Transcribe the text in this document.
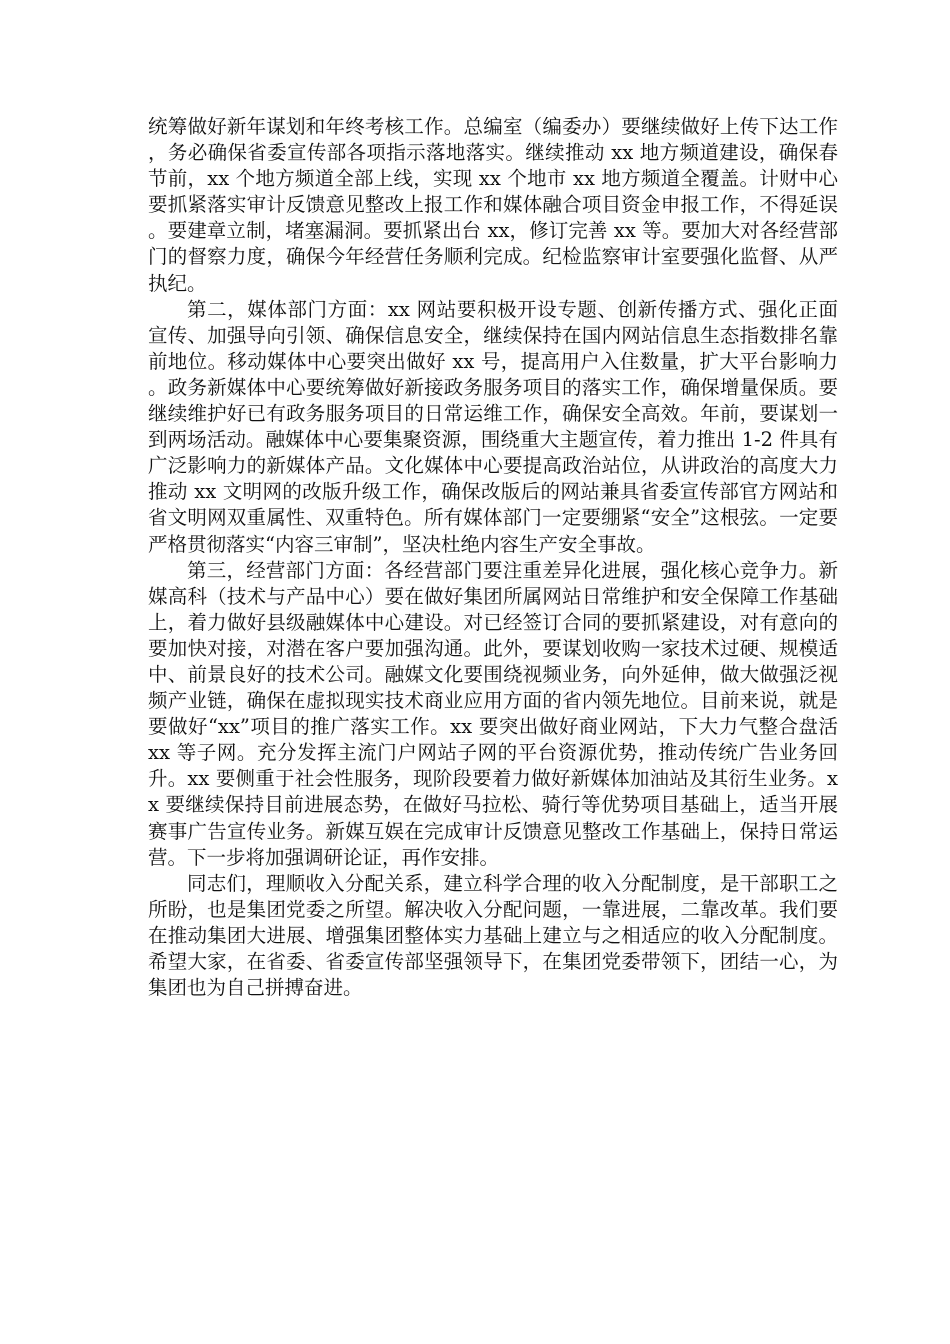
统筹做好新年谋划和年终考核工作。总编室（编委办）要继续做好上传下达工作，务必确保省委宣传部各项指示落地落实。继续推动 xx 地方频道建设，确保春节前，xx 个地方频道全部上线，实现 xx 个地市 xx 地方频道全覆盖。计财中心要抓紧落实审计反馈意见整改上报工作和媒体融合项目资金申报工作，不得延误。要建章立制，堵塞漏洞。要抓紧出台 xx，修订完善 xx 等。要加大对各经营部门的督察力度，确保今年经营任务顺利完成。纪检监察审计室要强化监督、从严执纪。

第二，媒体部门方面：xx 网站要积极开设专题、创新传播方式、强化正面宣传、加强导向引领、确保信息安全，继续保持在国内网站信息生态指数排名靠前地位。移动媒体中心要突出做好 xx 号，提高用户入住数量，扩大平台影响力。政务新媒体中心要统筹做好新接政务服务项目的落实工作，确保增量保质。要继续维护好已有政务服务项目的日常运维工作，确保安全高效。年前，要谋划一到两场活动。融媒体中心要集聚资源，围绕重大主题宣传，着力推出 1-2 件具有广泛影响力的新媒体产品。文化媒体中心要提高政治站位，从讲政治的高度大力推动 xx 文明网的改版升级工作，确保改版后的网站兼具省委宣传部官方网站和省文明网双重属性、双重特色。所有媒体部门一定要绷紧“安全”这根弦。一定要严格贯彻落实“内容三审制”，坚决杜绝内容生产安全事故。

第三，经营部门方面：各经营部门要注重差异化进展，强化核心竞争力。新媒高科（技术与产品中心）要在做好集团所属网站日常维护和安全保障工作基础上，着力做好县级融媒体中心建设。对已经签订合同的要抓紧建设，对有意向的要加快对接，对潜在客户要加强沟通。此外，要谋划收购一家技术过硬、规模适中、前景良好的技术公司。融媒文化要围绕视频业务，向外延伸，做大做强泛视频产业链，确保在虚拟现实技术商业应用方面的省内领先地位。目前来说，就是要做好“xx”项目的推广落实工作。xx 要突出做好商业网站，下大力气整合盘活 xx 等子网。充分发挥主流门户网站子网的平台资源优势，推动传统广告业务回升。xx 要侧重于社会性服务，现阶段要着力做好新媒体加油站及其衍生业务。xx 要继续保持目前进展态势，在做好马拉松、骑行等优势项目基础上，适当开展赛事广告宣传业务。新媒互娱在完成审计反馈意见整改工作基础上，保持日常运营。下一步将加强调研论证，再作安排。

同志们，理顺收入分配关系，建立科学合理的收入分配制度，是干部职工之所盼，也是集团党委之所望。解决收入分配问题，一靠进展，二靠改革。我们要在推动集团大进展、增强集团整体实力基础上建立与之相适应的收入分配制度。希望大家，在省委、省委宣传部坚强领导下，在集团党委带领下，团结一心，为集团也为自己拼搏奋进。
